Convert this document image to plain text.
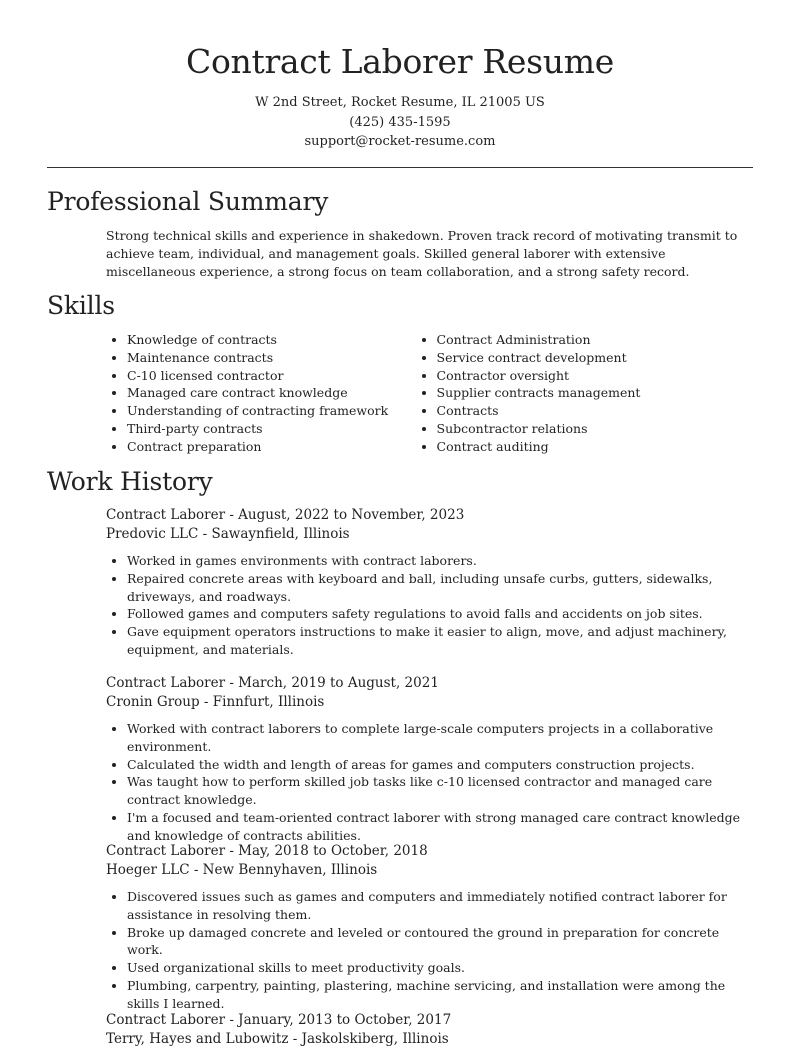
Contract Laborer Resume
W 2nd Street, Rocket Resume, IL 21005 US
(425) 435-1595
support@rocket-resume.com
Professional Summary
Strong technical skills and experience in shakedown. Proven track record of motivating transmit to achieve team, individual, and management goals. Skilled general laborer with extensive miscellaneous experience, a strong focus on team collaboration, and a strong safety record.
Skills
• Knowledge of contracts
• Maintenance contracts
• C-10 licensed contractor
• Managed care contract knowledge
• Understanding of contracting framework
• Third-party contracts
• Contract preparation
• Contract Administration
• Service contract development
• Contractor oversight
• Supplier contracts management
• Contracts
• Subcontractor relations
• Contract auditing
Work History
Contract Laborer - August, 2022 to November, 2023
Predovic LLC - Sawaynfield, Illinois
• Worked in games environments with contract laborers.
• Repaired concrete areas with keyboard and ball, including unsafe curbs, gutters, sidewalks, driveways, and roadways.
• Followed games and computers safety regulations to avoid falls and accidents on job sites.
• Gave equipment operators instructions to make it easier to align, move, and adjust machinery, equipment, and materials.
Contract Laborer - March, 2019 to August, 2021
Cronin Group - Finnfurt, Illinois
• Worked with contract laborers to complete large-scale computers projects in a collaborative environment.
• Calculated the width and length of areas for games and computers construction projects.
• Was taught how to perform skilled job tasks like c-10 licensed contractor and managed care contract knowledge.
• I'm a focused and team-oriented contract laborer with strong managed care contract knowledge and knowledge of contracts abilities.
Contract Laborer - May, 2018 to October, 2018
Hoeger LLC - New Bennyhaven, Illinois
• Discovered issues such as games and computers and immediately notified contract laborer for assistance in resolving them.
• Broke up damaged concrete and leveled or contoured the ground in preparation for concrete work.
• Used organizational skills to meet productivity goals.
• Plumbing, carpentry, painting, plastering, machine servicing, and installation were among the skills I learned.
Contract Laborer - January, 2013 to October, 2017
Terry, Hayes and Lubowitz - Jaskolskiberg, Illinois
